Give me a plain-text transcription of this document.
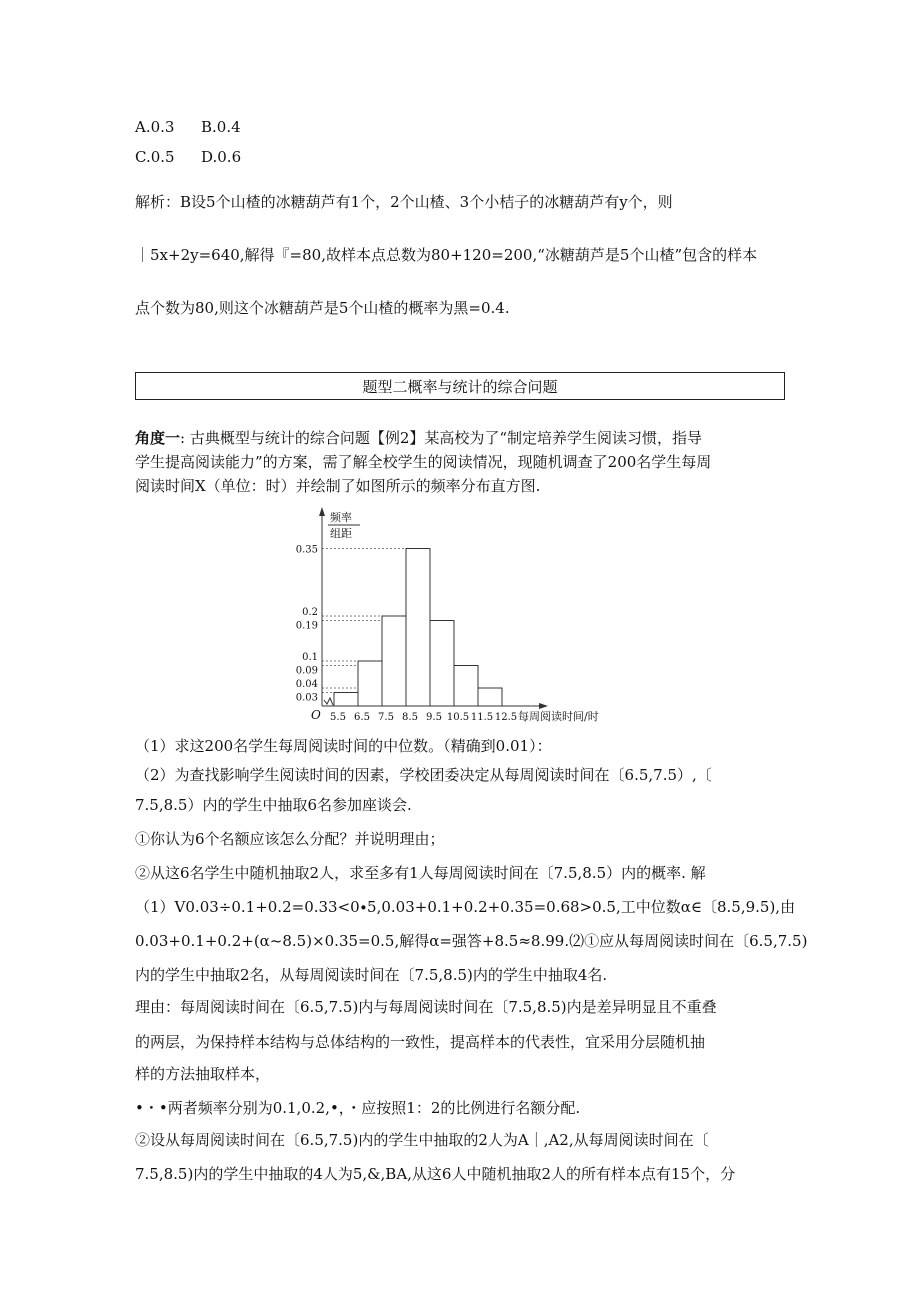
A.0.3 B.0.4
C.0.5 D.0.6
解析：B设5个山楂的冰糖葫芦有1个，2个山楂、3个小桔子的冰糖葫芦有y个，则
｜5x+2y=640,解得『=80,故样本点总数为80+120=200,“冰糖葫芦是5个山楂”包含的样本
点个数为80,则这个冰糖葫芦是5个山楂的概率为黑=0.4.
题型二概率与统计的综合问题
角度一: 古典概型与统计的综合问题【例2】某高校为了“制定培养学生阅读习惯，指导
学生提高阅读能力”的方案，需了解全校学生的阅读情况，现随机调查了200名学生每周
阅读时间X（单位：时）并绘制了如图所示的频率分布直方图.
频率
组距
O
0.35
0.2
0.19
0.1
0.09
0.04
0.03
5.5 6.5 7.5 8.5 9.5 10.5 11.5 12.5 每周阅读时间/时
（1）求这200名学生每周阅读时间的中位数。（精确到0.01）：
（2）为查找影响学生阅读时间的因素，学校团委决定从每周阅读时间在〔6.5,7.5）,〔
7.5,8.5）内的学生中抽取6名参加座谈会.
①你认为6个名额应该怎么分配？并说明理由；
②从这6名学生中随机抽取2人，求至多有1人每周阅读时间在〔7.5,8.5）内的概率. 解
（1）V0.03÷0.1+0.2=0.33<0∙5,0.03+0.1+0.2+0.35=0.68>0.5,工中位数α∈〔8.5,9.5),由
0.03+0.1+0.2+(α~8.5)×0.35=0.5,解得α=强答+8.5≈8.99.⑵①应从每周阅读时间在〔6.5,7.5)
内的学生中抽取2名，从每周阅读时间在〔7.5,8.5)内的学生中抽取4名.
理由：每周阅读时间在〔6.5,7.5)内与每周阅读时间在〔7.5,8.5)内是差异明显且不重叠
的两层，为保持样本结构与总体结构的一致性，提高样本的代表性，宜采用分层随机抽
样的方法抽取样本，
•・•两者频率分别为0.1,0.2,•，・应按照1：2的比例进行名额分配.
②设从每周阅读时间在〔6.5,7.5)内的学生中抽取的2人为A｜,A2,从每周阅读时间在〔
7.5,8.5)内的学生中抽取的4人为5,&,BA,从这6人中随机抽取2人的所有样本点有15个，分
